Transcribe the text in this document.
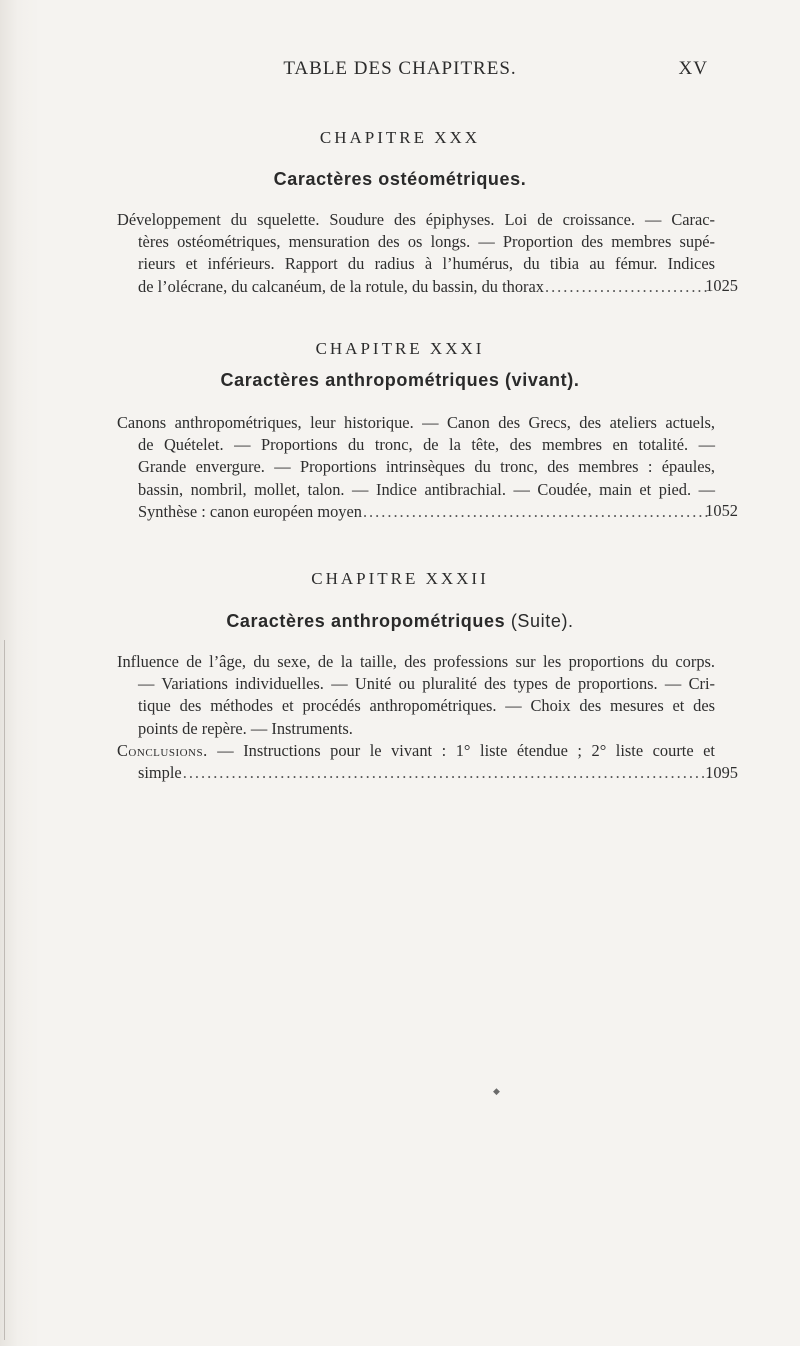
TABLE DES CHAPITRES.	XV

CHAPITRE XXX

Caractères ostéométriques.

Développement du squelette. Soudure des épiphyses. Loi de croissance. — Carac-
tères ostéométriques, mensuration des os longs. — Proportion des membres supé-
rieurs et inférieurs. Rapport du radius à l’humérus, du tibia au fémur. Indices
de l’olécrane, du calcanéum, de la rotule, du bassin, du thorax .....	1025

CHAPITRE XXXI

Caractères anthropométriques (vivant).

Canons anthropométriques, leur historique. — Canon des Grecs, des ateliers actuels,
de Quételet. — Proportions du tronc, de la tête, des membres en totalité. —
Grande envergure. — Proportions intrinsèques du tronc, des membres : épaules,
bassin, nombril, mollet, talon. — Indice antibrachial. — Coudée, main et pied. —
Synthèse : canon européen moyen .....	1052

CHAPITRE XXXII

Caractères anthropométriques (Suite).

Influence de l’âge, du sexe, de la taille, des professions sur les proportions du corps.
— Variations individuelles. — Unité ou pluralité des types de proportions. — Cri-
tique des méthodes et procédés anthropométriques. — Choix des mesures et des
points de repère. — Instruments.
Conclusions. — Instructions pour le vivant : 1° liste étendue ; 2° liste courte et
simple .....	1095
◆
